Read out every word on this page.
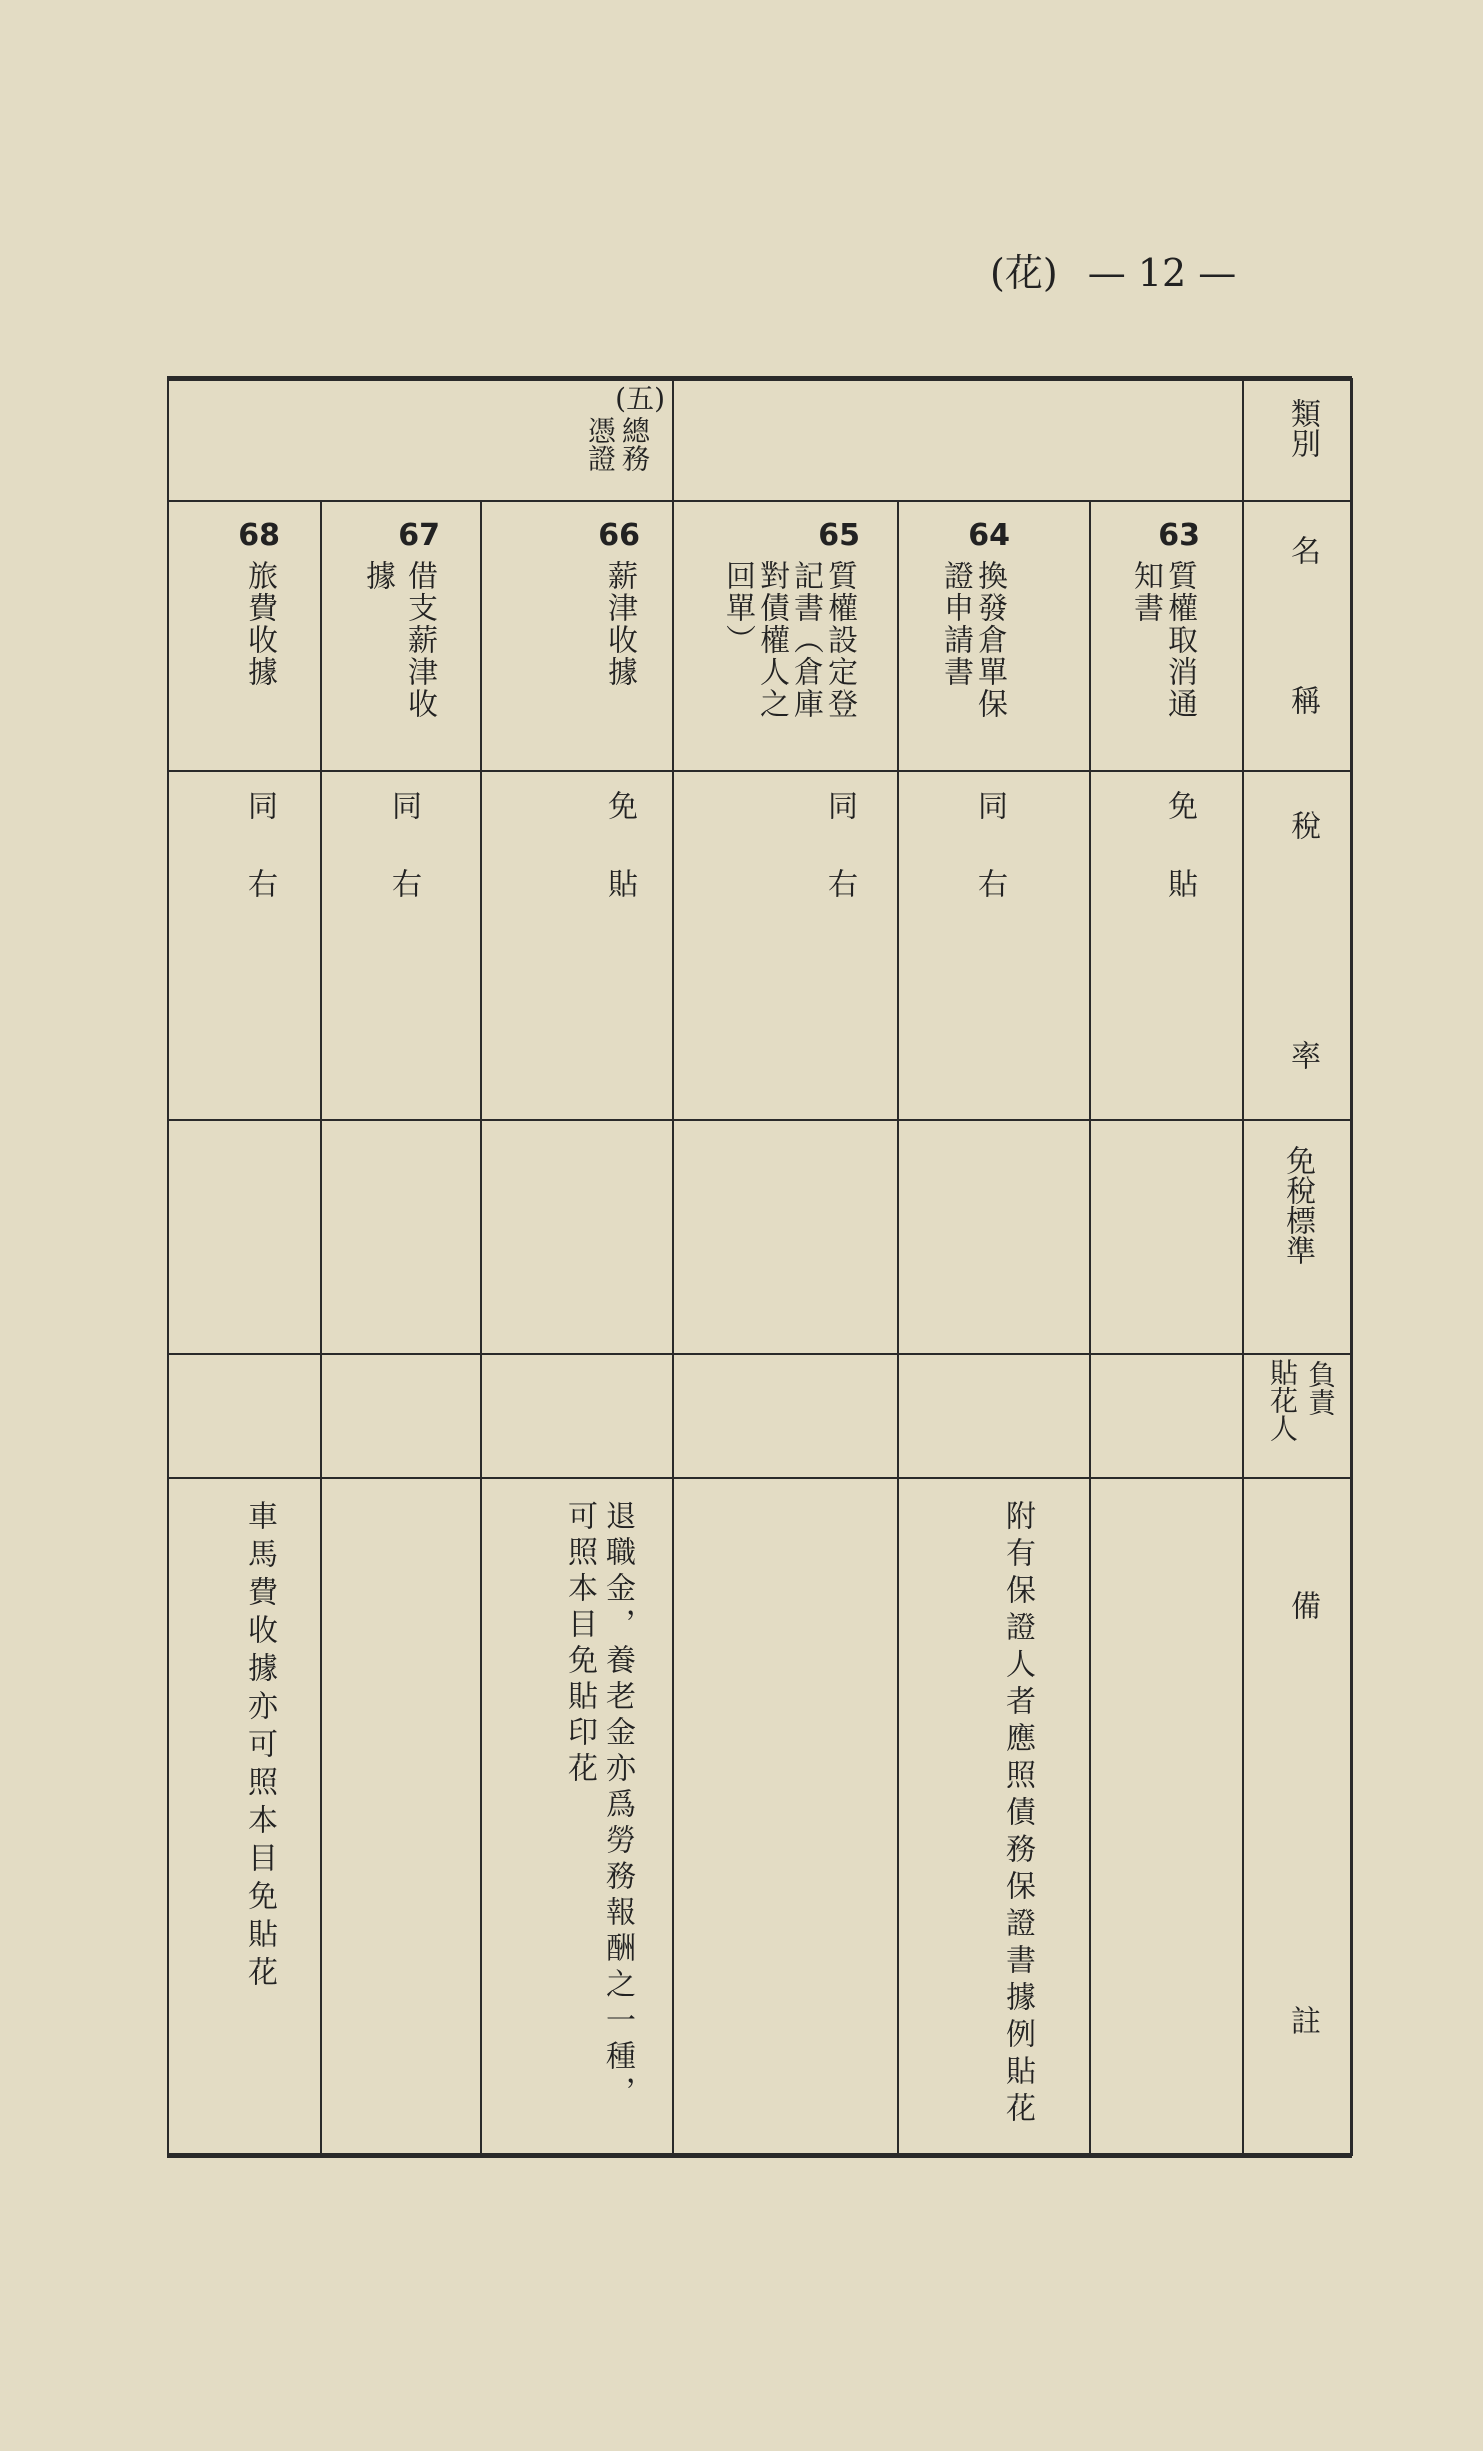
(花) — 12 —
類別
名
稱
稅
率
免稅標準
負責
貼花人
備
註
(五)
總務
憑證
63
質權取消通
知書
免貼
64
換發倉單保
證申請書
同右
附有保證人者應照債務保證書據例貼花
65
質權設定登
記書︵倉庫
對債權人之
回單︶
同右
66
薪津收據
免貼
退職金，養老金亦爲勞務報酬之一種，
可照本目免貼印花
67
借支薪津收
據
同右
68
旅費收據
同右
車馬費收據亦可照本目免貼花
